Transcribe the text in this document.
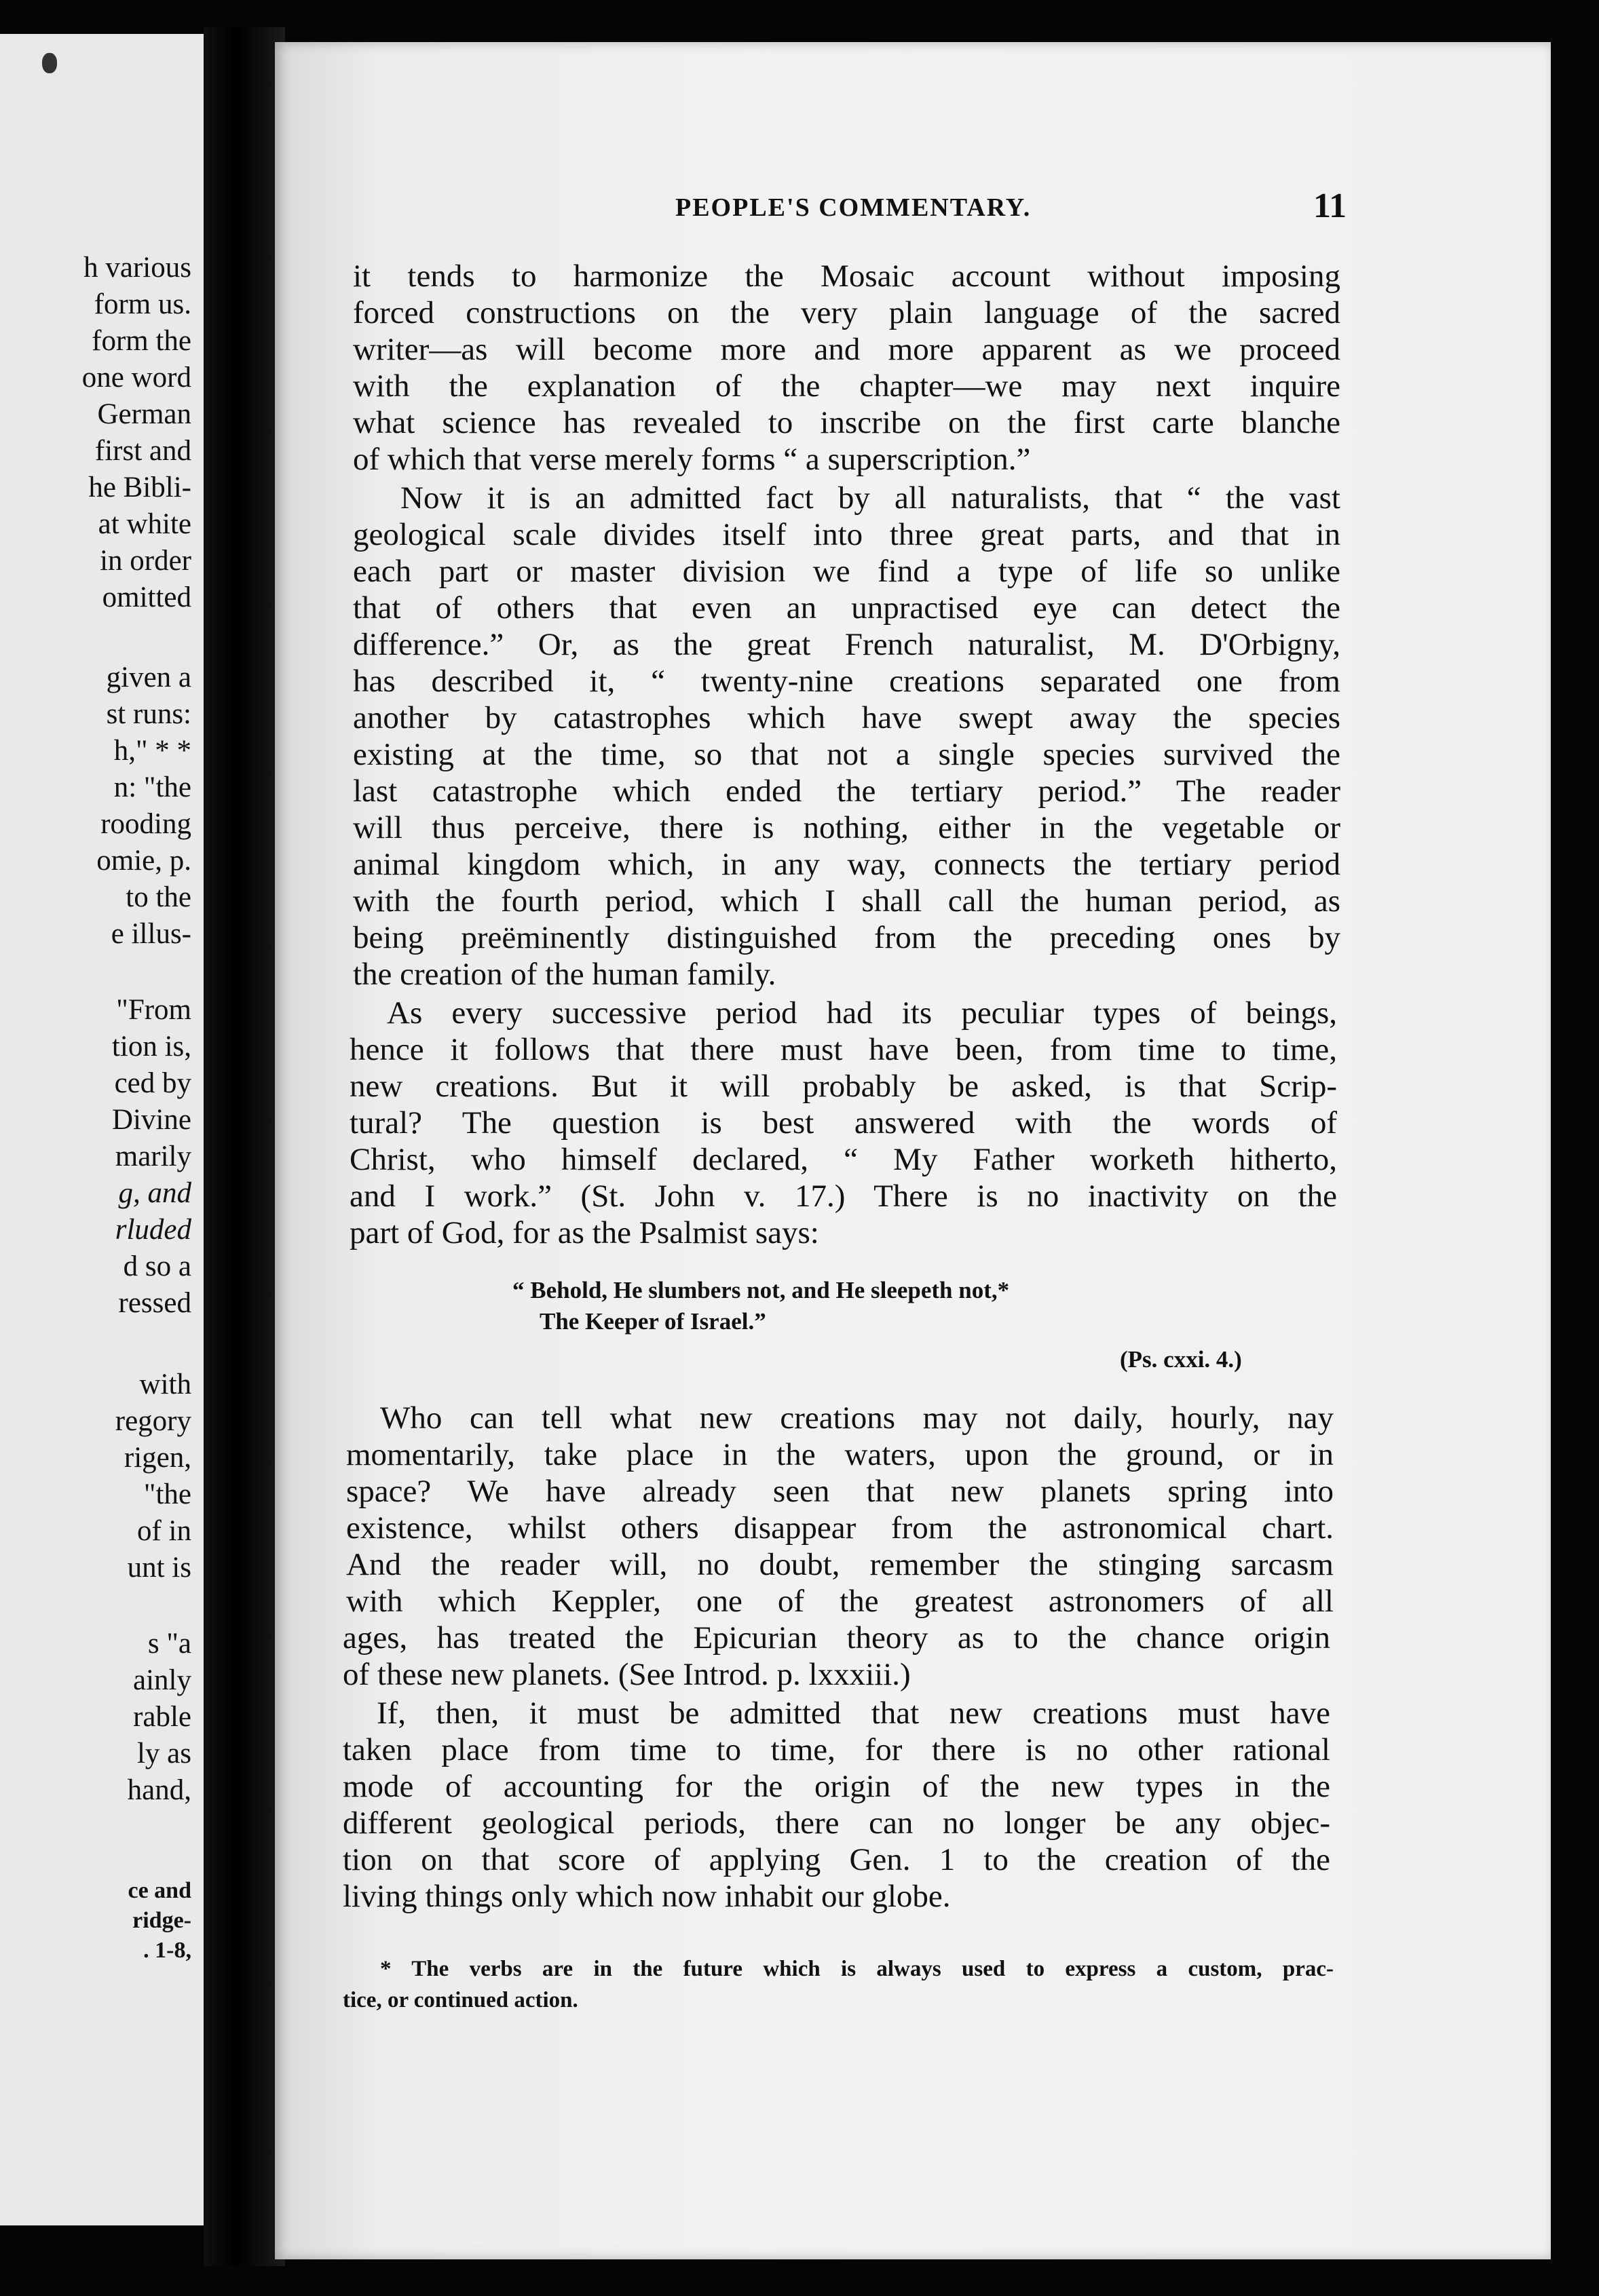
h various
form us.
form the
one word
German
first and
he Bibli-
at white
in order
omitted
given a
st runs:
h," * *
n: "the
rooding
omie, p.
to the
e illus-
"From
tion is,
ced by
Divine
marily
g, and
rluded
d so a
ressed
with
regory
rigen,
"the
of in
unt is
s "a
ainly
rable
ly as
hand,
ce and
ridge-
. 1-8,
PEOPLE'S COMMENTARY.	11
it tends to harmonize the Mosaic account without imposing
forced constructions on the very plain language of the sacred
writer—as will become more and more apparent as we proceed
with the explanation of the chapter—we may next inquire
what science has revealed to inscribe on the first carte blanche
of which that verse merely forms “ a superscription.”
Now it is an admitted fact by all naturalists, that “ the vast
geological scale divides itself into three great parts, and that in
each part or master division we find a type of life so unlike
that of others that even an unpractised eye can detect the
difference.” Or, as the great French naturalist, M. D'Orbigny,
has described it, “ twenty-nine creations separated one from
another by catastrophes which have swept away the species
existing at the time, so that not a single species survived the
last catastrophe which ended the tertiary period.” The reader
will thus perceive, there is nothing, either in the vegetable or
animal kingdom which, in any way, connects the tertiary period
with the fourth period, which I shall call the human period, as
being preëminently distinguished from the preceding ones by
the creation of the human family.
As every successive period had its peculiar types of beings,
hence it follows that there must have been, from time to time,
new creations. But it will probably be asked, is that Scrip-
tural? The question is best answered with the words of
Christ, who himself declared, “ My Father worketh hitherto,
and I work.” (St. John v. 17.) There is no inactivity on the
part of God, for as the Psalmist says:
“ Behold, He slumbers not, and He sleepeth not,*
The Keeper of Israel.”
(Ps. cxxi. 4.)
Who can tell what new creations may not daily, hourly, nay
momentarily, take place in the waters, upon the ground, or in
space? We have already seen that new planets spring into
existence, whilst others disappear from the astronomical chart.
And the reader will, no doubt, remember the stinging sarcasm
with which Keppler, one of the greatest astronomers of all
ages, has treated the Epicurian theory as to the chance origin
of these new planets. (See Introd. p. lxxxiii.)
If, then, it must be admitted that new creations must have
taken place from time to time, for there is no other rational
mode of accounting for the origin of the new types in the
different geological periods, there can no longer be any objec-
tion on that score of applying Gen. 1 to the creation of the
living things only which now inhabit our globe.
* The verbs are in the future which is always used to express a custom, prac-
tice, or continued action.
